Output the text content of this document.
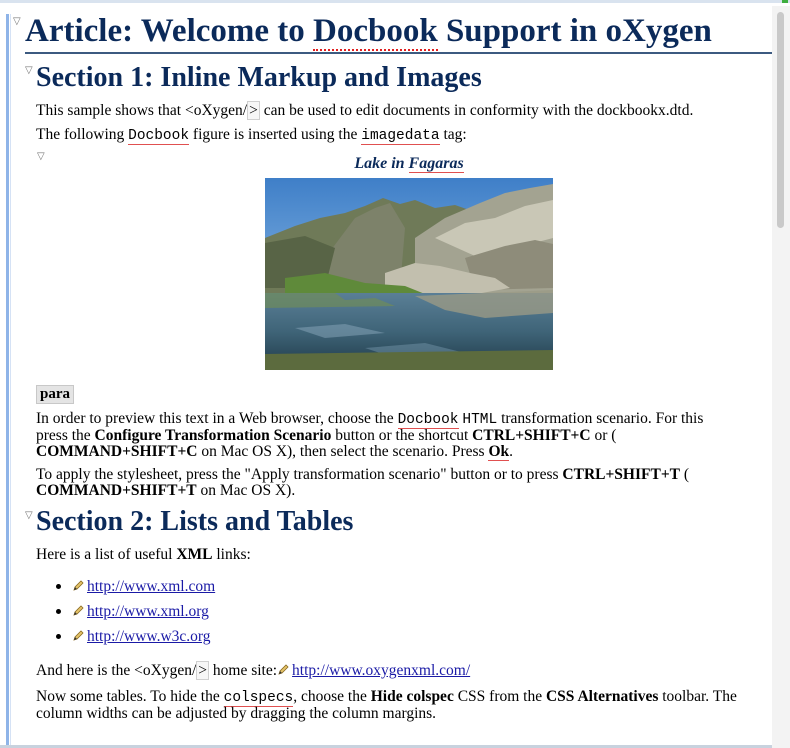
▽
▽
▽
▽
Article: Welcome to Docbook Support in oXygen
Section 1: Inline Markup and Images
This sample shows that <oXygen/ > can be used to edit documents in conformity with the dockbookx.dtd.
The following Docbook figure is inserted using the imagedata tag:
Lake in Fagaras
para
In order to preview this text in a Web browser, choose the Docbook HTML transformation scenario. For this
press the Configure Transformation Scenario button or the shortcut CTRL+SHIFT+C or (
COMMAND+SHIFT+C on Mac OS X), then select the scenario. Press Ok.
To apply the stylesheet, press the "Apply transformation scenario" button or to press CTRL+SHIFT+T (
COMMAND+SHIFT+T on Mac OS X).
Section 2: Lists and Tables
Here is a list of useful XML links:
http://www.xml.com
http://www.xml.org
http://www.w3c.org
And here is the <oXygen/ > home site: http://www.oxygenxml.com/
Now some tables. To hide the colspecs, choose the Hide colspec CSS from the CSS Alternatives toolbar. The
column widths can be adjusted by dragging the column margins.
